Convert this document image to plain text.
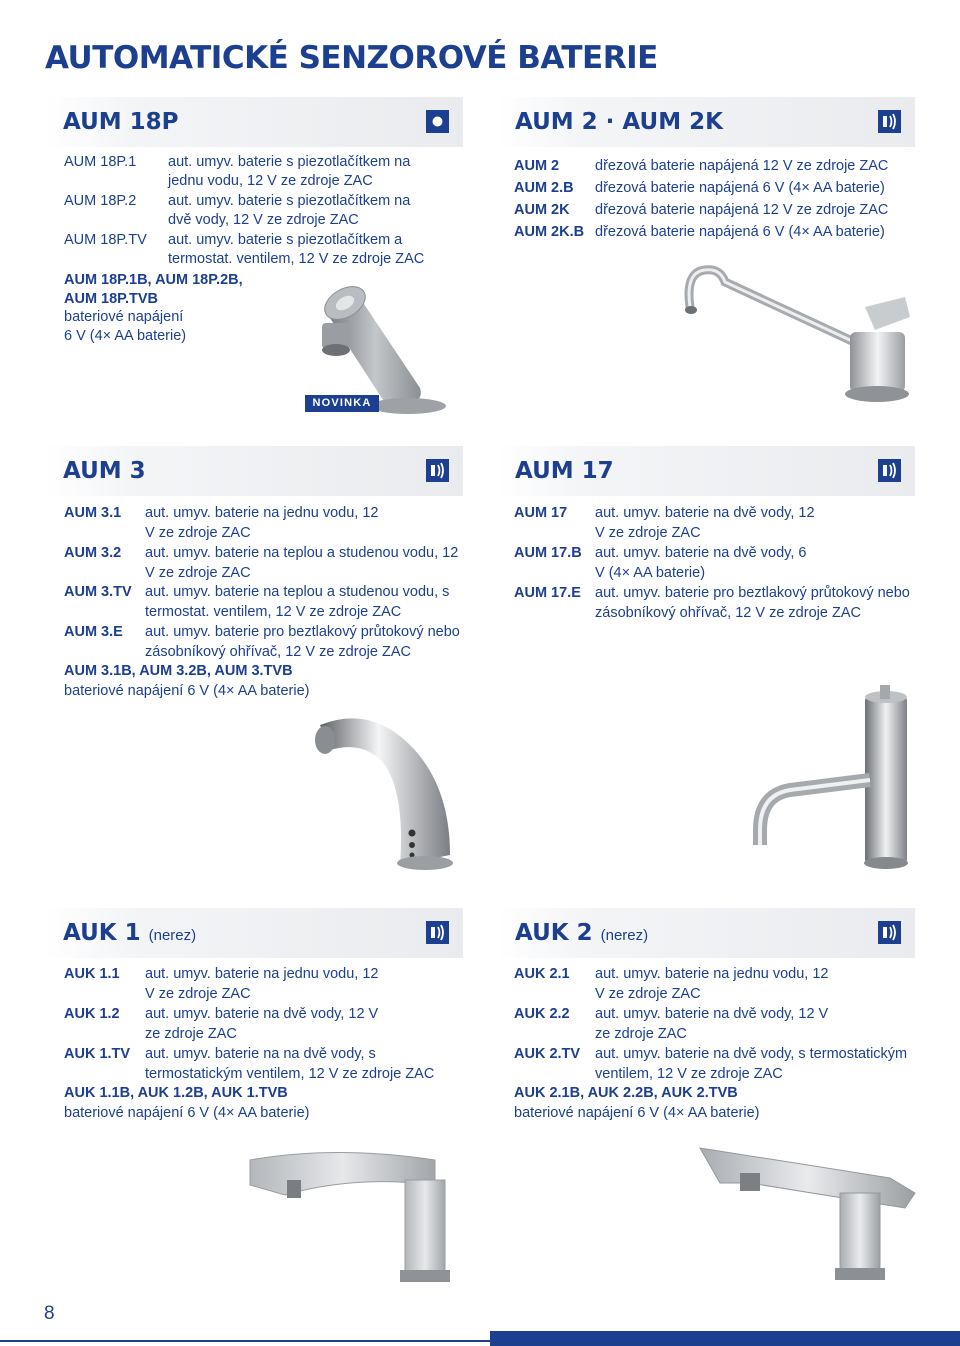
AUTOMATICKÉ SENZOROVÉ BATERIE
AUM 18P
AUM 18P.1 aut. umyv. baterie s piezotlačítkem na jednu vodu, 12 V ze zdroje ZAC
AUM 18P.2 aut. umyv. baterie s piezotlačítkem na dvě vody, 12 V ze zdroje ZAC
AUM 18P.TV aut. umyv. baterie s piezotlačítkem a termostat. ventilem, 12 V ze zdroje ZAC
AUM 18P.1B, AUM 18P.2B,
AUM 18P.TVB
bateriové napájení
6 V (4× AA baterie)
NOVINKA
AUM 2 · AUM 2K
AUM 2 dřezová baterie napájená 12 V ze zdroje ZAC
AUM 2.B dřezová baterie napájená 6 V (4× AA baterie)
AUM 2K dřezová baterie napájená 12 V ze zdroje ZAC
AUM 2K.B dřezová baterie napájená 6 V (4× AA baterie)
AUM 3
AUM 3.1 aut. umyv. baterie na jednu vodu, 12 V ze zdroje ZAC
AUM 3.2 aut. umyv. baterie na teplou a studenou vodu, 12 V ze zdroje ZAC
AUM 3.TV aut. umyv. baterie na teplou a studenou vodu, s termostat. ventilem, 12 V ze zdroje ZAC
AUM 3.E aut. umyv. baterie pro beztlakový průtokový nebo zásobníkový ohřívač, 12 V ze zdroje ZAC
AUM 3.1B, AUM 3.2B, AUM 3.TVB
bateriové napájení 6 V (4× AA baterie)
AUM 17
AUM 17 aut. umyv. baterie na dvě vody, 12 V ze zdroje ZAC
AUM 17.B aut. umyv. baterie na dvě vody, 6 V (4× AA baterie)
AUM 17.E aut. umyv. baterie pro beztlakový průtokový nebo zásobníkový ohřívač, 12 V ze zdroje ZAC
AUK 1 (nerez)
AUK 1.1 aut. umyv. baterie na jednu vodu, 12 V ze zdroje ZAC
AUK 1.2 aut. umyv. baterie na dvě vody, 12 V ze zdroje ZAC
AUK 1.TV aut. umyv. baterie na na dvě vody, s termostatickým ventilem, 12 V ze zdroje ZAC
AUK 1.1B, AUK 1.2B, AUK 1.TVB
bateriové napájení 6 V (4× AA baterie)
AUK 2 (nerez)
AUK 2.1 aut. umyv. baterie na jednu vodu, 12 V ze zdroje ZAC
AUK 2.2 aut. umyv. baterie na dvě vody, 12 V ze zdroje ZAC
AUK 2.TV aut. umyv. baterie na dvě vody, s termostatickým ventilem, 12 V ze zdroje ZAC
AUK 2.1B, AUK 2.2B, AUK 2.TVB
bateriové napájení 6 V (4× AA baterie)
8
